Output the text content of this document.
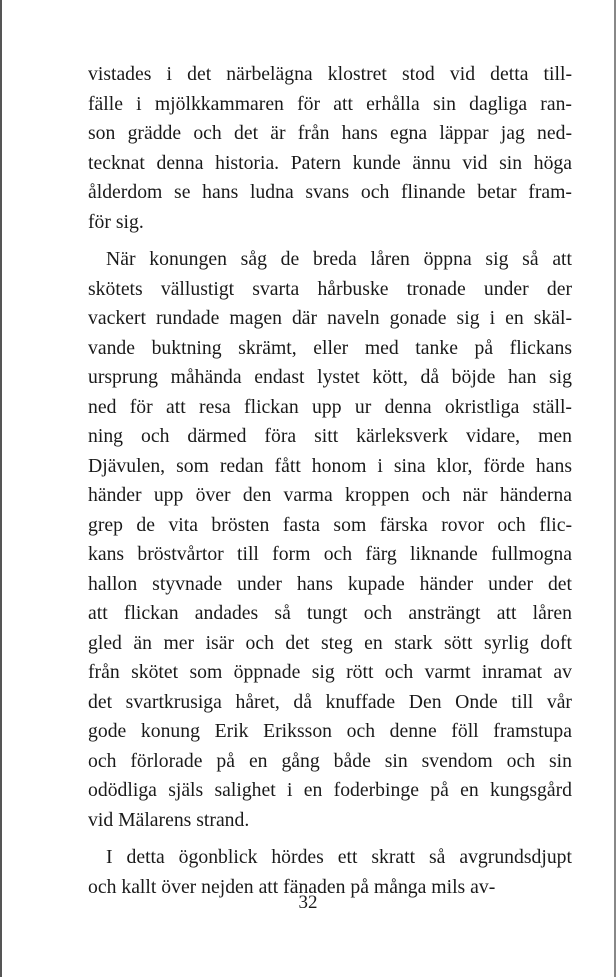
vistades i det närbelägna klostret stod vid detta till-
fälle i mjölkkammaren för att erhålla sin dagliga ran-
son grädde och det är från hans egna läppar jag ned-
tecknat denna historia. Patern kunde ännu vid sin höga
ålderdom se hans ludna svans och flinande betar fram-
för sig.
När konungen såg de breda låren öppna sig så att
skötets vällustigt svarta hårbuske tronade under der
vackert rundade magen där naveln gonade sig i en skäl-
vande buktning skrämt, eller med tanke på flickans
ursprung måhända endast lystet kött, då böjde han sig
ned för att resa flickan upp ur denna okristliga ställ-
ning och därmed föra sitt kärleksverk vidare, men
Djävulen, som redan fått honom i sina klor, förde hans
händer upp över den varma kroppen och när händerna
grep de vita brösten fasta som färska rovor och flic-
kans bröstvårtor till form och färg liknande fullmogna
hallon styvnade under hans kupade händer under det
att flickan andades så tungt och ansträngt att låren
gled än mer isär och det steg en stark sött syrlig doft
från skötet som öppnade sig rött och varmt inramat av
det svartkrusiga håret, då knuffade Den Onde till vår
gode konung Erik Eriksson och denne föll framstupa
och förlorade på en gång både sin svendom och sin
odödliga själs salighet i en foderbinge på en kungsgård
vid Mälarens strand.
I detta ögonblick hördes ett skratt så avgrundsdjupt
och kallt över nejden att fänaden på många mils av-
32
